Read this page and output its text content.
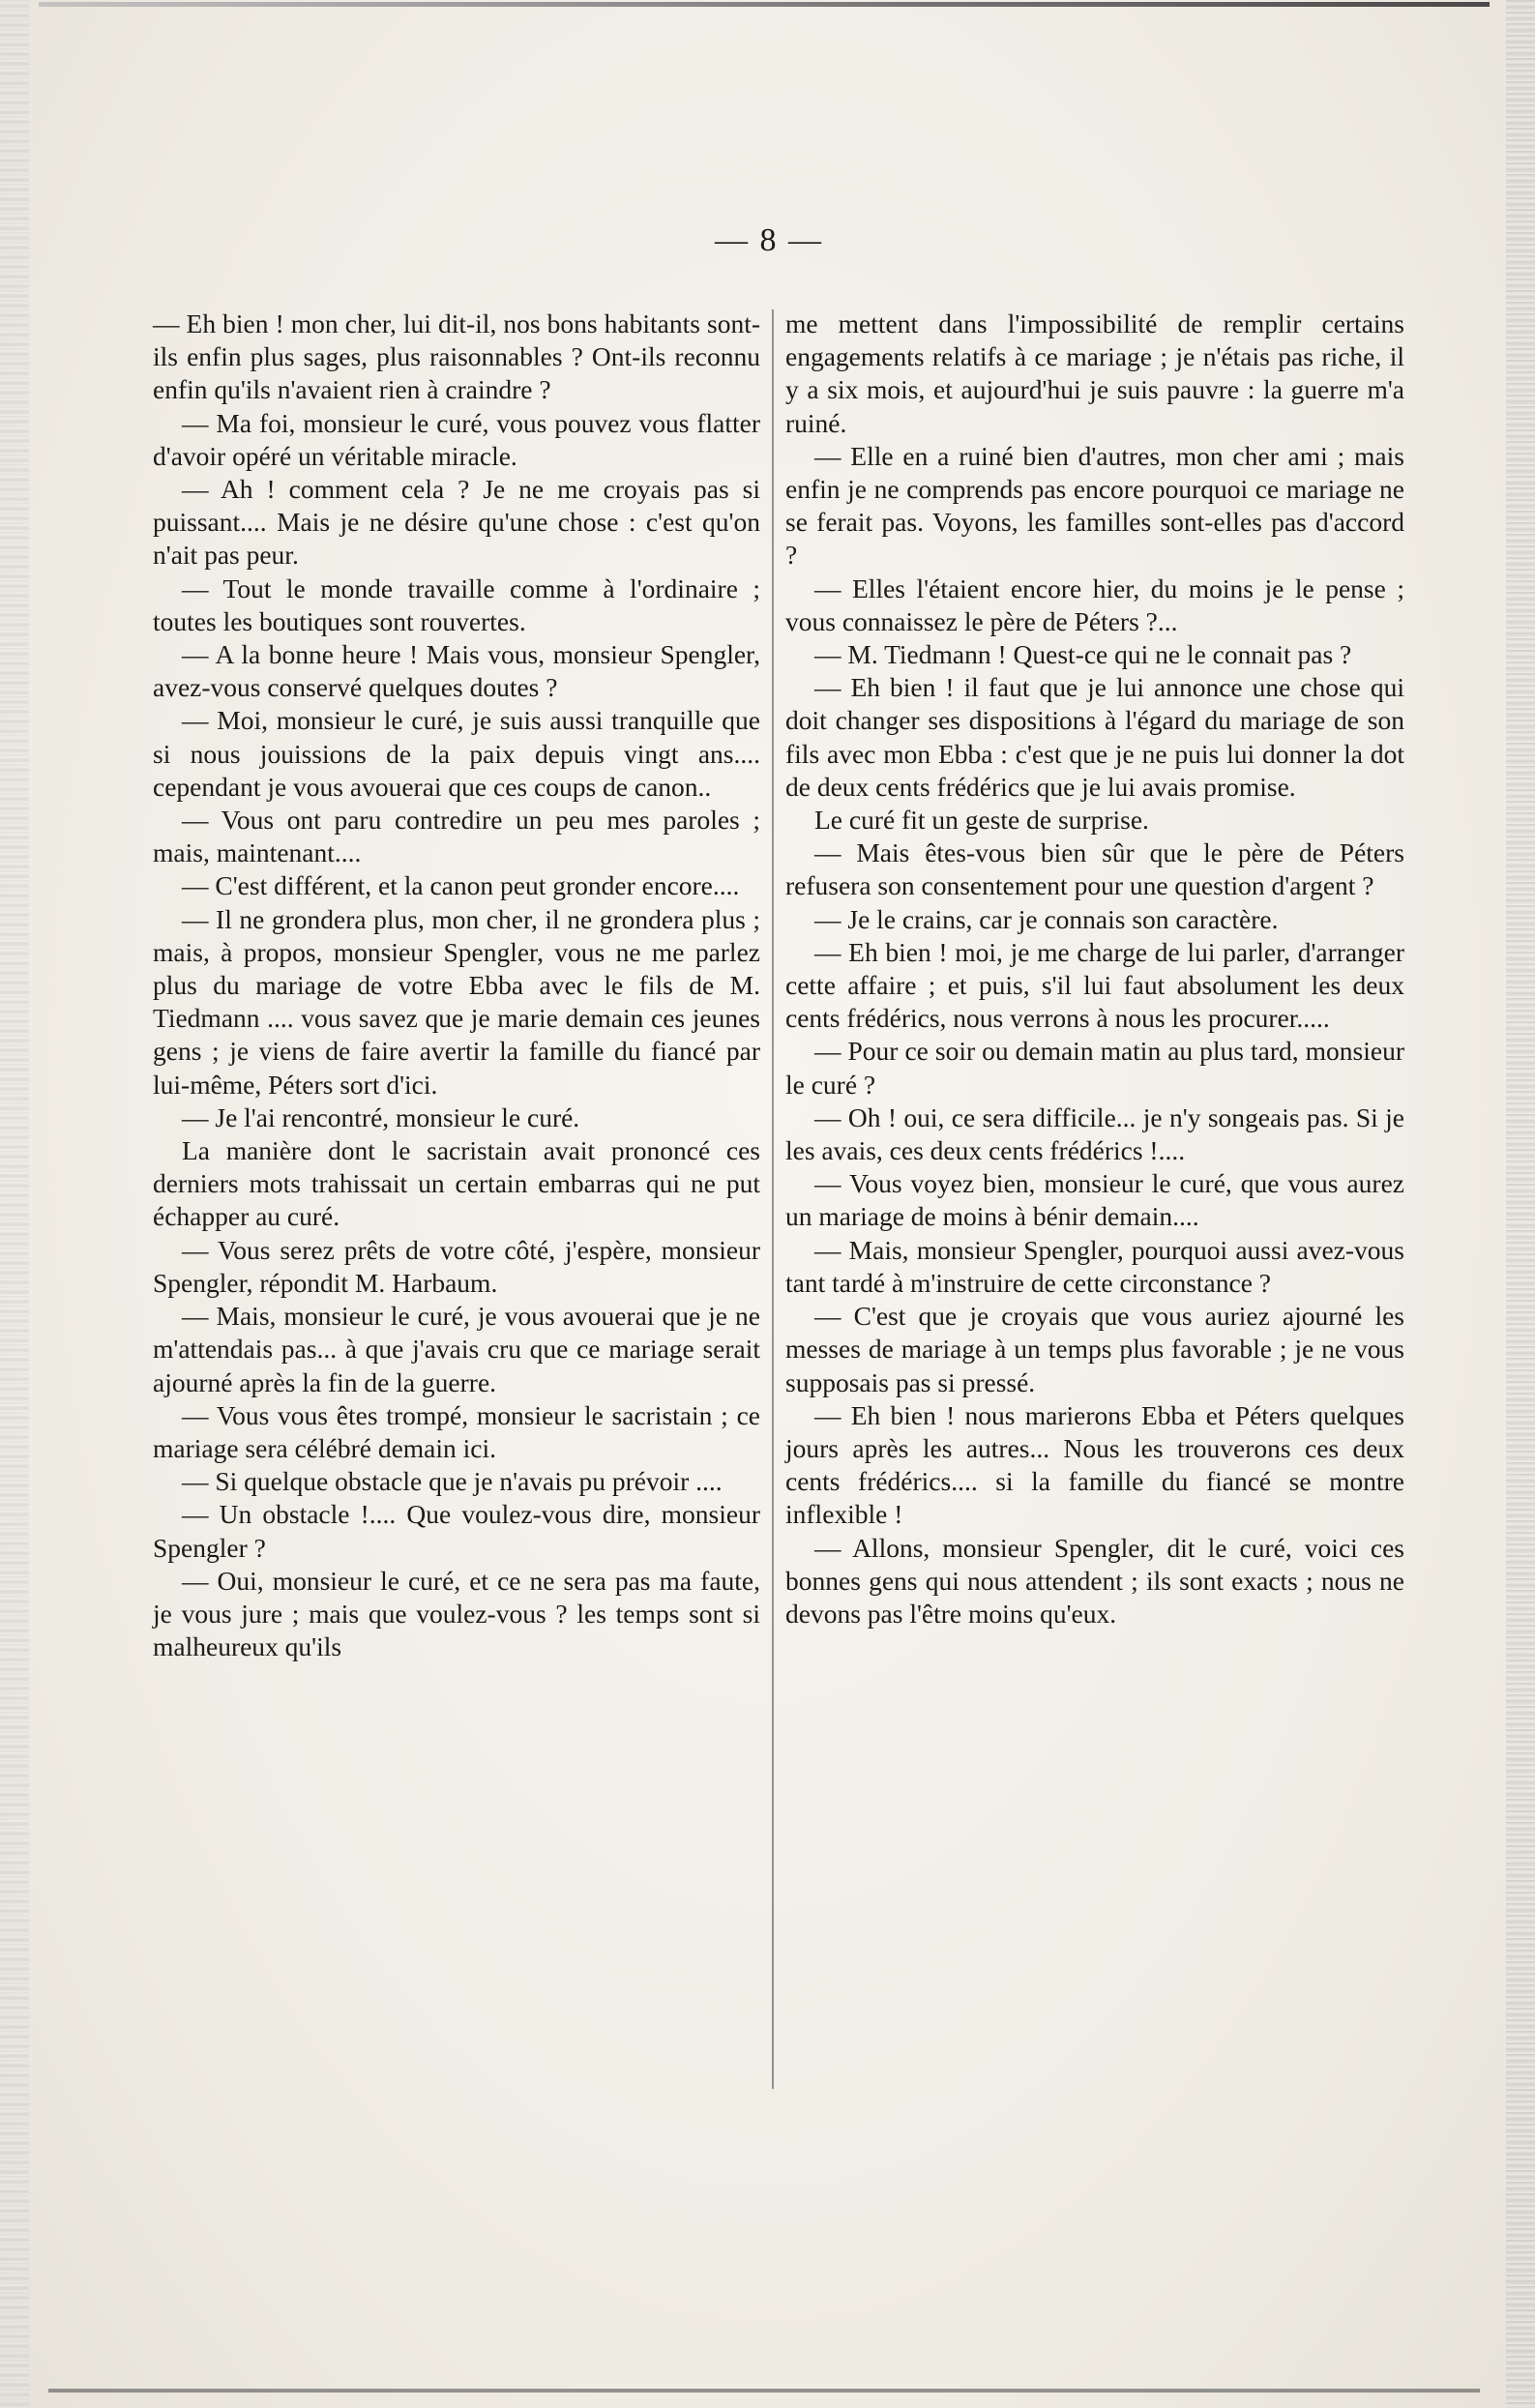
— 8 —

— Eh bien ! mon cher, lui dit-il, nos bons habitants sont-ils enfin plus sages, plus raisonnables ? Ont-ils reconnu enfin qu'ils n'avaient rien à craindre ?

— Ma foi, monsieur le curé, vous pouvez vous flatter d'avoir opéré un véritable miracle.

— Ah ! comment cela ? Je ne me croyais pas si puissant.... Mais je ne désire qu'une chose : c'est qu'on n'ait pas peur.

— Tout le monde travaille comme à l'ordinaire ; toutes les boutiques sont rouvertes.

— A la bonne heure ! Mais vous, monsieur Spengler, avez-vous conservé quelques doutes ?

— Moi, monsieur le curé, je suis aussi tranquille que si nous jouissions de la paix depuis vingt ans.... cependant je vous avouerai que ces coups de canon..

— Vous ont paru contredire un peu mes paroles ; mais, maintenant....

— C'est différent, et la canon peut gronder encore....

— Il ne grondera plus, mon cher, il ne grondera plus ; mais, à propos, monsieur Spengler, vous ne me parlez plus du mariage de votre Ebba avec le fils de M. Tiedmann .... vous savez que je marie demain ces jeunes gens ; je viens de faire avertir la famille du fiancé par lui-même, Péters sort d'ici.

— Je l'ai rencontré, monsieur le curé.

La manière dont le sacristain avait prononcé ces derniers mots trahissait un certain embarras qui ne put échapper au curé.

— Vous serez prêts de votre côté, j'espère, monsieur Spengler, répondit M. Harbaum.

— Mais, monsieur le curé, je vous avouerai que je ne m'attendais pas... à que j'avais cru que ce mariage serait ajourné après la fin de la guerre.

— Vous vous êtes trompé, monsieur le sacristain ; ce mariage sera célébré demain ici.

— Si quelque obstacle que je n'avais pu prévoir ....

— Un obstacle !.... Que voulez-vous dire, monsieur Spengler ?

— Oui, monsieur le curé, et ce ne sera pas ma faute, je vous jure ; mais que voulez-vous ? les temps sont si malheureux qu'ils

me mettent dans l'impossibilité de remplir certains engagements relatifs à ce mariage ; je n'étais pas riche, il y a six mois, et aujourd'hui je suis pauvre : la guerre m'a ruiné.

— Elle en a ruiné bien d'autres, mon cher ami ; mais enfin je ne comprends pas encore pourquoi ce mariage ne se ferait pas. Voyons, les familles sont-elles pas d'accord ?

— Elles l'étaient encore hier, du moins je le pense ; vous connaissez le père de Péters ?...

— M. Tiedmann ! Quest-ce qui ne le connait pas ?

— Eh bien ! il faut que je lui annonce une chose qui doit changer ses dispositions à l'égard du mariage de son fils avec mon Ebba : c'est que je ne puis lui donner la dot de deux cents frédérics que je lui avais promise.

Le curé fit un geste de surprise.

— Mais êtes-vous bien sûr que le père de Péters refusera son consentement pour une question d'argent ?

— Je le crains, car je connais son caractère.

— Eh bien ! moi, je me charge de lui parler, d'arranger cette affaire ; et puis, s'il lui faut absolument les deux cents frédérics, nous verrons à nous les procurer.....

— Pour ce soir ou demain matin au plus tard, monsieur le curé ?

— Oh ! oui, ce sera difficile... je n'y songeais pas. Si je les avais, ces deux cents frédérics !....

— Vous voyez bien, monsieur le curé, que vous aurez un mariage de moins à bénir demain....

— Mais, monsieur Spengler, pourquoi aussi avez-vous tant tardé à m'instruire de cette circonstance ?

— C'est que je croyais que vous auriez ajourné les messes de mariage à un temps plus favorable ; je ne vous supposais pas si pressé.

— Eh bien ! nous marierons Ebba et Péters quelques jours après les autres... Nous les trouverons ces deux cents frédérics.... si la famille du fiancé se montre inflexible !

— Allons, monsieur Spengler, dit le curé, voici ces bonnes gens qui nous attendent ; ils sont exacts ; nous ne devons pas l'être moins qu'eux.
